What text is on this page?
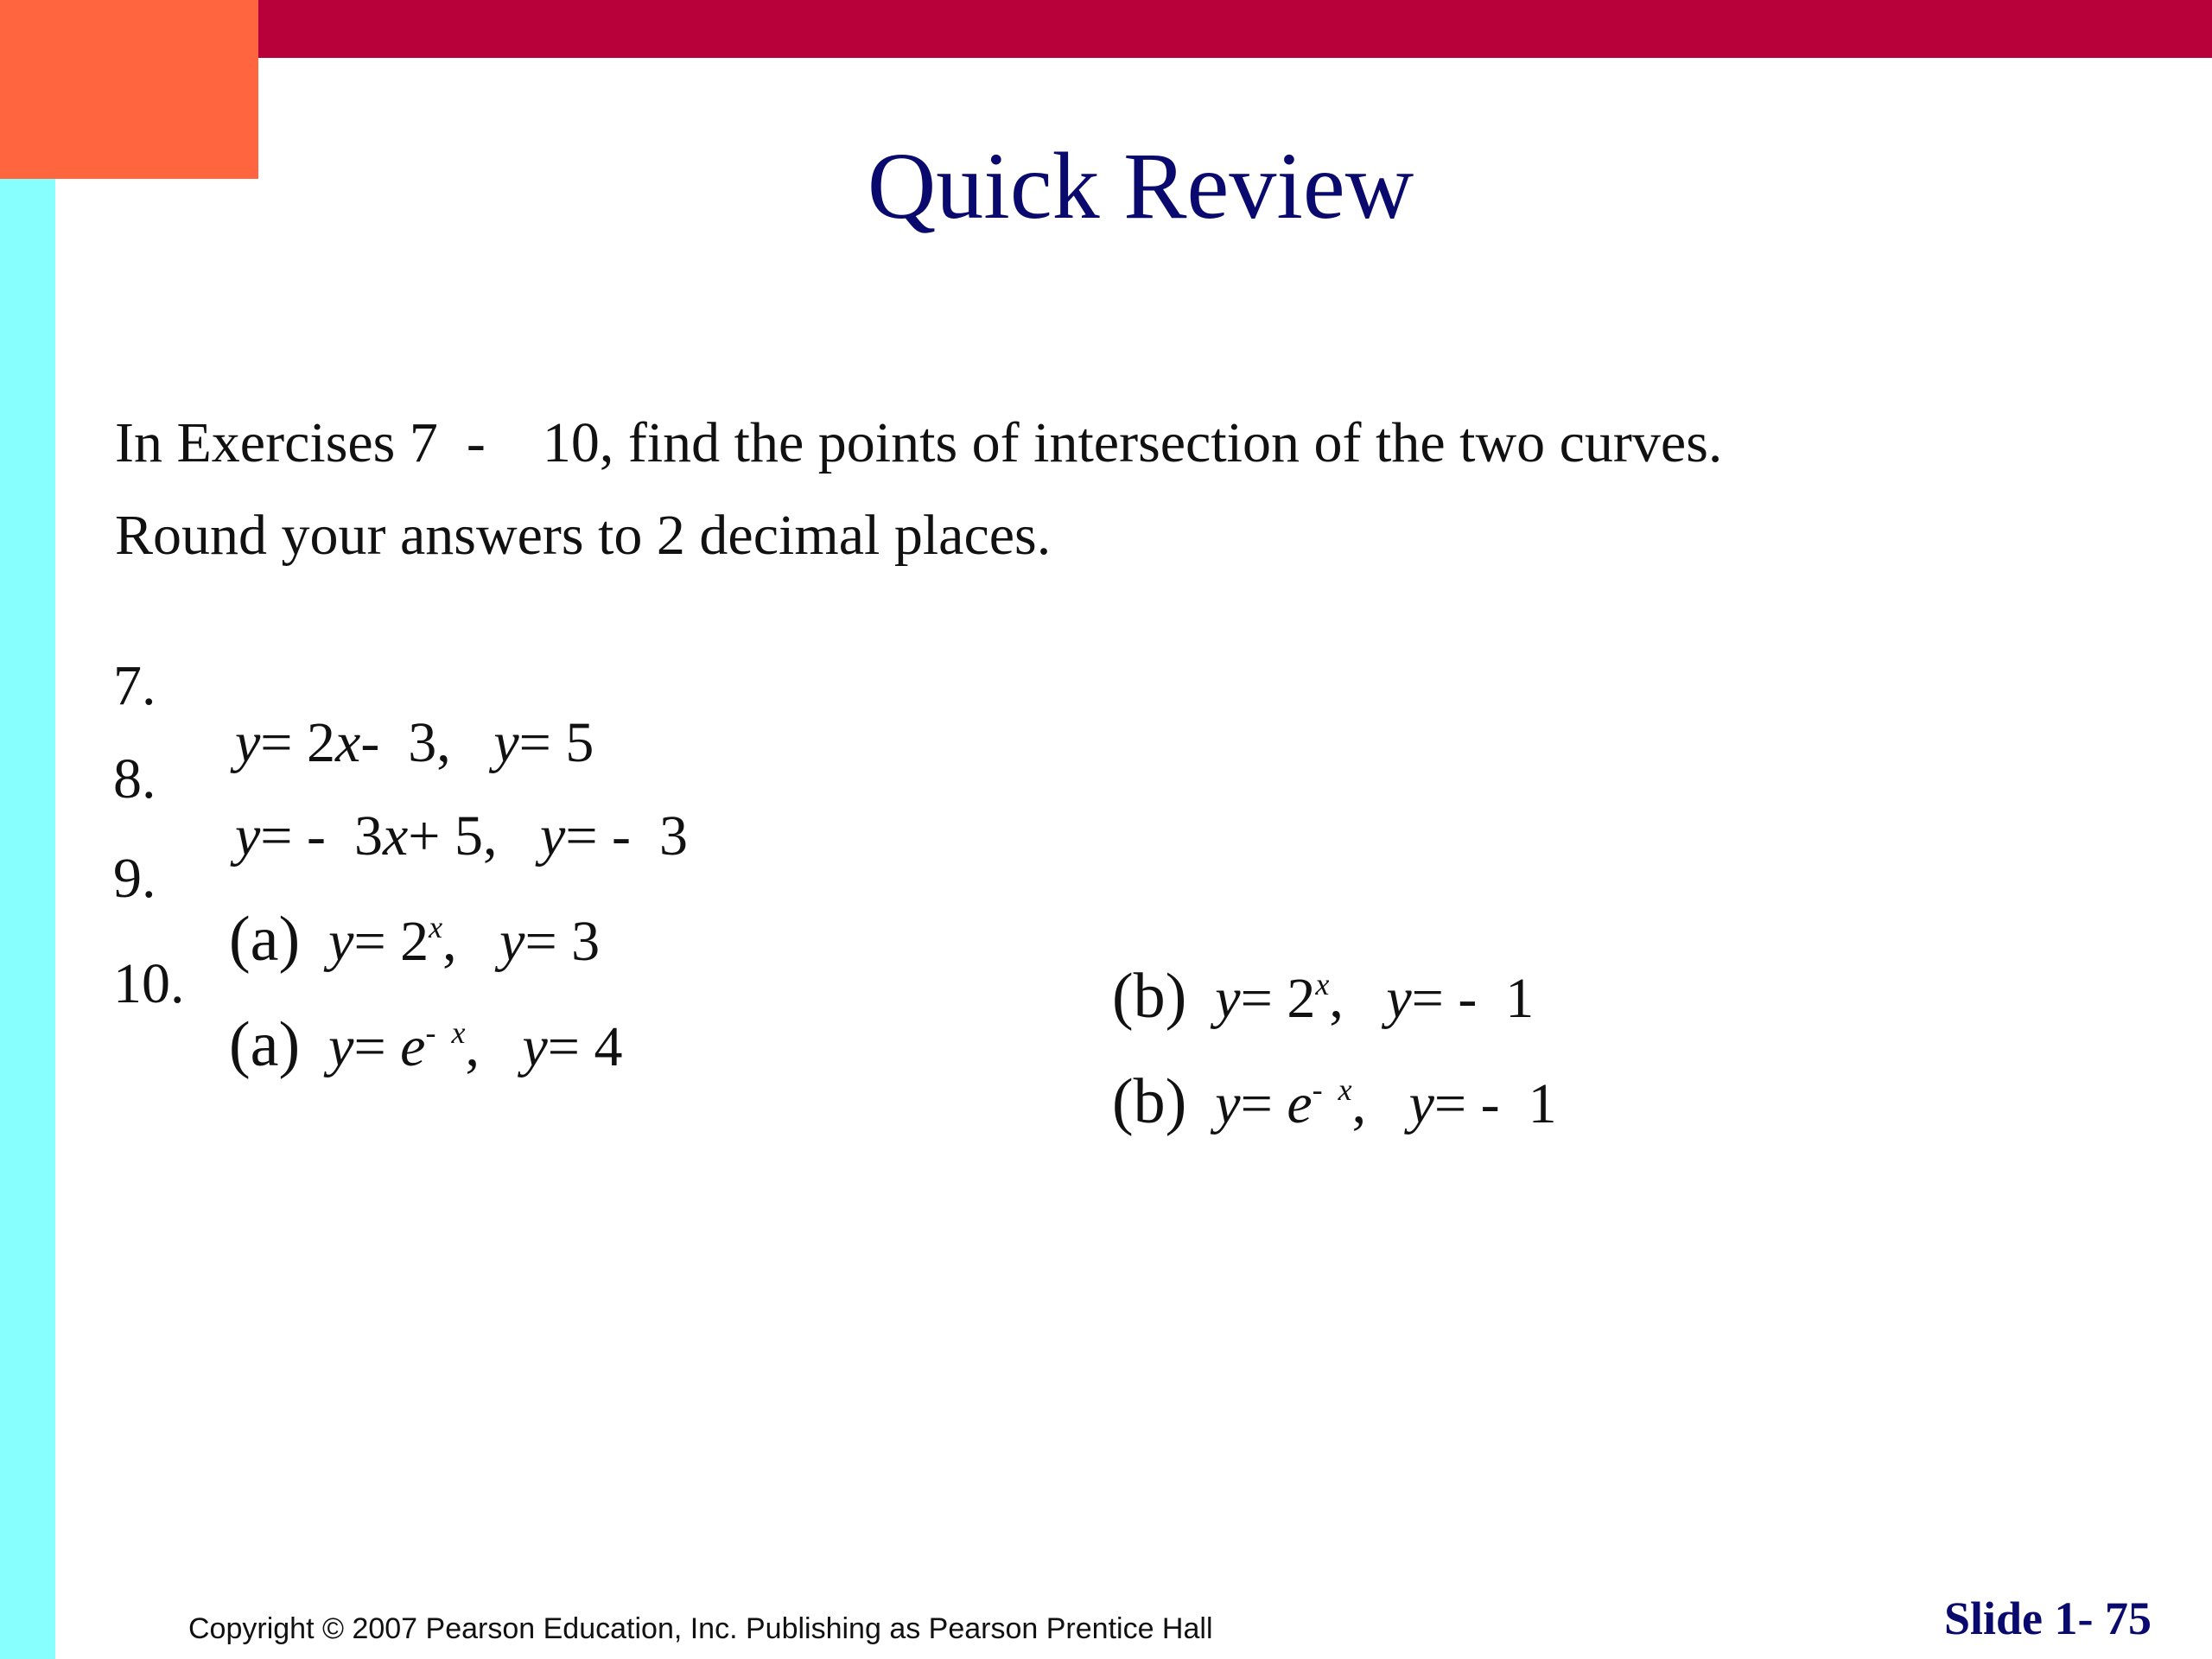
Quick Review
In Exercises 7  -    10, find the points of intersection of the two curves.
Round your answers to 2 decimal places.

7.

y= 2x-  3, y= 5

8.

y= -  3x+ 5, y= -  3

9.

(a) $y= 2^x$, y= 3

(b) $y= 2^x$, y= -  1

10.

(a) $y= e^{- x}$, y= 4

(b) $y= e^{- x}$, y= -  1

Copyright © 2007 Pearson Education, Inc. Publishing as Pearson Prentice Hall	Slide 1- 75
